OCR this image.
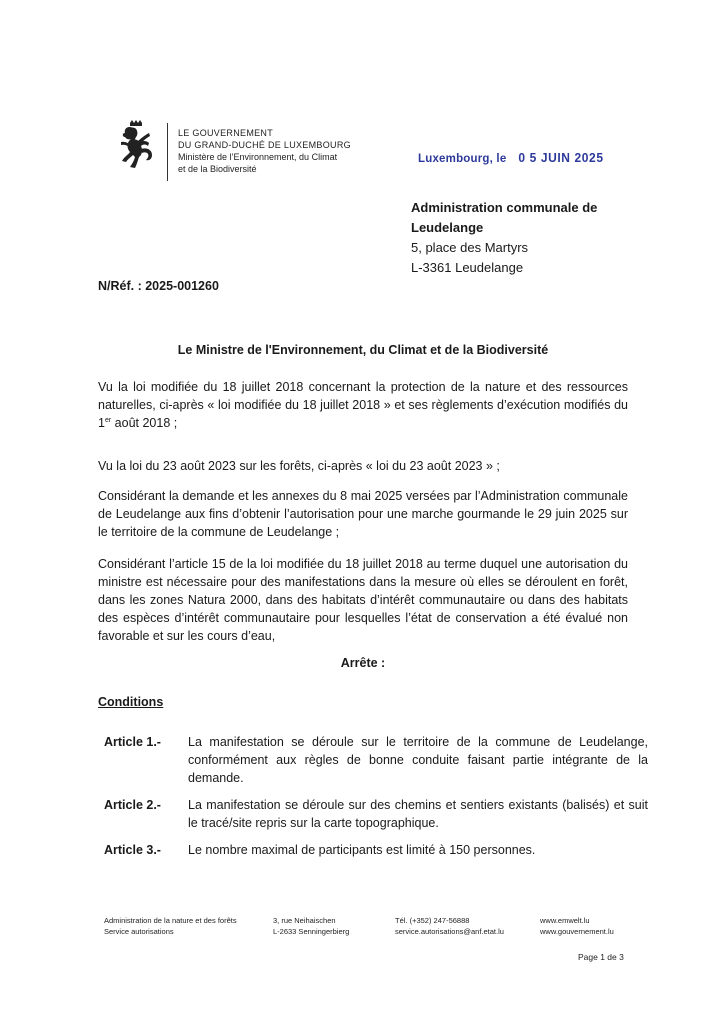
LE GOUVERNEMENT
DU GRAND-DUCHÉ DE LUXEMBOURG
Ministère de l’Environnement, du Climat
et de la Biodiversité
Luxembourg, le 0 5 JUIN 2025
Administration communale de
Leudelange
5, place des Martyrs
L-3361 Leudelange
N/Réf. : 2025-001260
Le Ministre de l'Environnement, du Climat et de la Biodiversité
Vu la loi modifiée du 18 juillet 2018 concernant la protection de la nature et des ressources naturelles, ci-après « loi modifiée du 18 juillet 2018 » et ses règlements d’exécution modifiés du 1er août 2018 ;
Vu la loi du 23 août 2023 sur les forêts, ci-après « loi du 23 août 2023 » ;
Considérant la demande et les annexes du 8 mai 2025 versées par l’Administration communale de Leudelange aux fins d’obtenir l’autorisation pour une marche gourmande le 29 juin 2025 sur le territoire de la commune de Leudelange ;
Considérant l’article 15 de la loi modifiée du 18 juillet 2018 au terme duquel une autorisation du ministre est nécessaire pour des manifestations dans la mesure où elles se déroulent en forêt, dans les zones Natura 2000, dans des habitats d’intérêt communautaire ou dans des habitats des espèces d’intérêt communautaire pour lesquelles l’état de conservation a été évalué non favorable et sur les cours d’eau,
Arrête :
Conditions
Article 1.-	La manifestation se déroule sur le territoire de la commune de Leudelange, conformément aux règles de bonne conduite faisant partie intégrante de la demande.
Article 2.-	La manifestation se déroule sur des chemins et sentiers existants (balisés) et suit le tracé/site repris sur la carte topographique.
Article 3.-	Le nombre maximal de participants est limité à 150 personnes.
Administration de la nature et des forêts
Service autorisations
3, rue Neihaischen
L-2633 Senningerbierg
Tél. (+352) 247-56888
service.autorisations@anf.etat.lu
www.emwelt.lu
www.gouvernement.lu
Page 1 de 3
